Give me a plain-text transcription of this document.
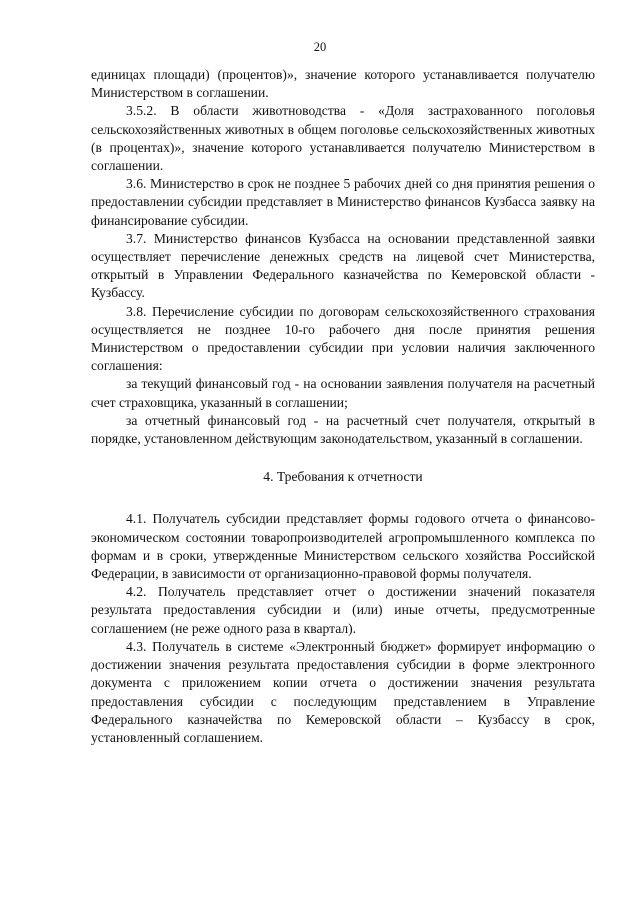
20

единицах площади) (процентов)», значение которого устанавливается получателю Министерством в соглашении.

3.5.2. В области животноводства - «Доля застрахованного поголовья сельскохозяйственных животных в общем поголовье сельскохозяйственных животных (в процентах)», значение которого устанавливается получателю Министерством в соглашении.

3.6. Министерство в срок не позднее 5 рабочих дней со дня принятия решения о предоставлении субсидии представляет в Министерство финансов Кузбасса заявку на финансирование субсидии.

3.7. Министерство финансов Кузбасса на основании представленной заявки осуществляет перечисление денежных средств на лицевой счет Министерства, открытый в Управлении Федерального казначейства по Кемеровской области - Кузбассу.

3.8. Перечисление субсидии по договорам сельскохозяйственного страхования осуществляется не позднее 10-го рабочего дня после принятия решения Министерством о предоставлении субсидии при условии наличия заключенного соглашения:

за текущий финансовый год - на основании заявления получателя на расчетный счет страховщика, указанный в соглашении;

за отчетный финансовый год - на расчетный счет получателя, открытый в порядке, установленном действующим законодательством, указанный в соглашении.

4. Требования к отчетности

4.1. Получатель субсидии представляет формы годового отчета о финансово-экономическом состоянии товаропроизводителей агропромышленного комплекса по формам и в сроки, утвержденные Министерством сельского хозяйства Российской Федерации, в зависимости от организационно-правовой формы получателя.

4.2. Получатель представляет отчет о достижении значений показателя результата предоставления субсидии и (или) иные отчеты, предусмотренные соглашением (не реже одного раза в квартал).

4.3. Получатель в системе «Электронный бюджет» формирует информацию о достижении значения результата предоставления субсидии в форме электронного документа с приложением копии отчета о достижении значения результата предоставления субсидии с последующим представлением в Управление Федерального казначейства по Кемеровской области – Кузбассу в срок, установленный соглашением.
